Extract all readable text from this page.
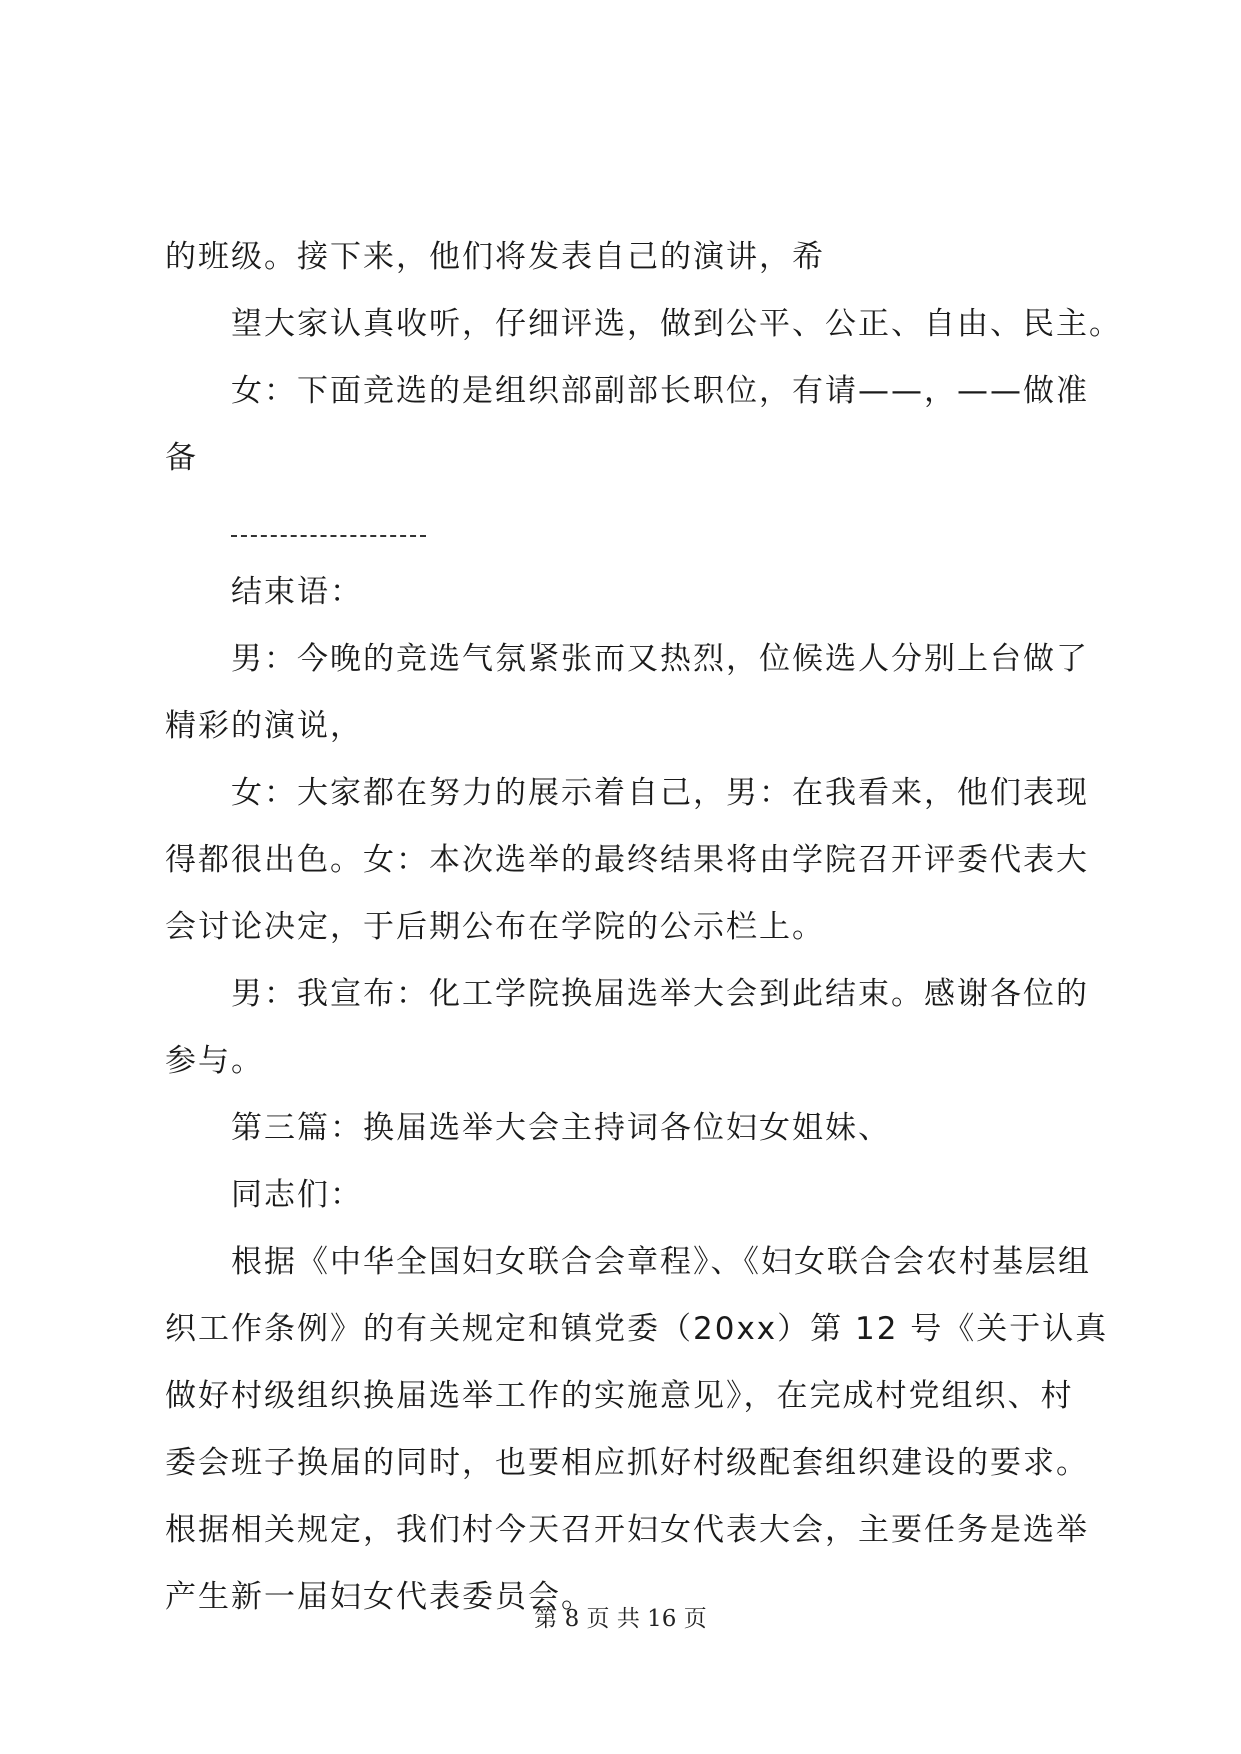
的班级。接下来，他们将发表自己的演讲，希
望大家认真收听，仔细评选，做到公平、公正、自由、民主。
女：下面竞选的是组织部副部长职位，有请——，——做准
备
结束语：
男：今晚的竞选气氛紧张而又热烈，位候选人分别上台做了
精彩的演说，
女：大家都在努力的展示着自己，男：在我看来，他们表现
得都很出色。女：本次选举的最终结果将由学院召开评委代表大
会讨论决定，于后期公布在学院的公示栏上。
男：我宣布：化工学院换届选举大会到此结束。感谢各位的
参与。
第三篇：换届选举大会主持词各位妇女姐妹、
同志们：
根据《中华全国妇女联合会章程》、《妇女联合会农村基层组
织工作条例》的有关规定和镇党委（20xx）第 12 号《关于认真
做好村级组织换届选举工作的实施意见》，在完成村党组织、村
委会班子换届的同时，也要相应抓好村级配套组织建设的要求。
根据相关规定，我们村今天召开妇女代表大会，主要任务是选举
产生新一届妇女代表委员会。
第 8 页 共 16 页
